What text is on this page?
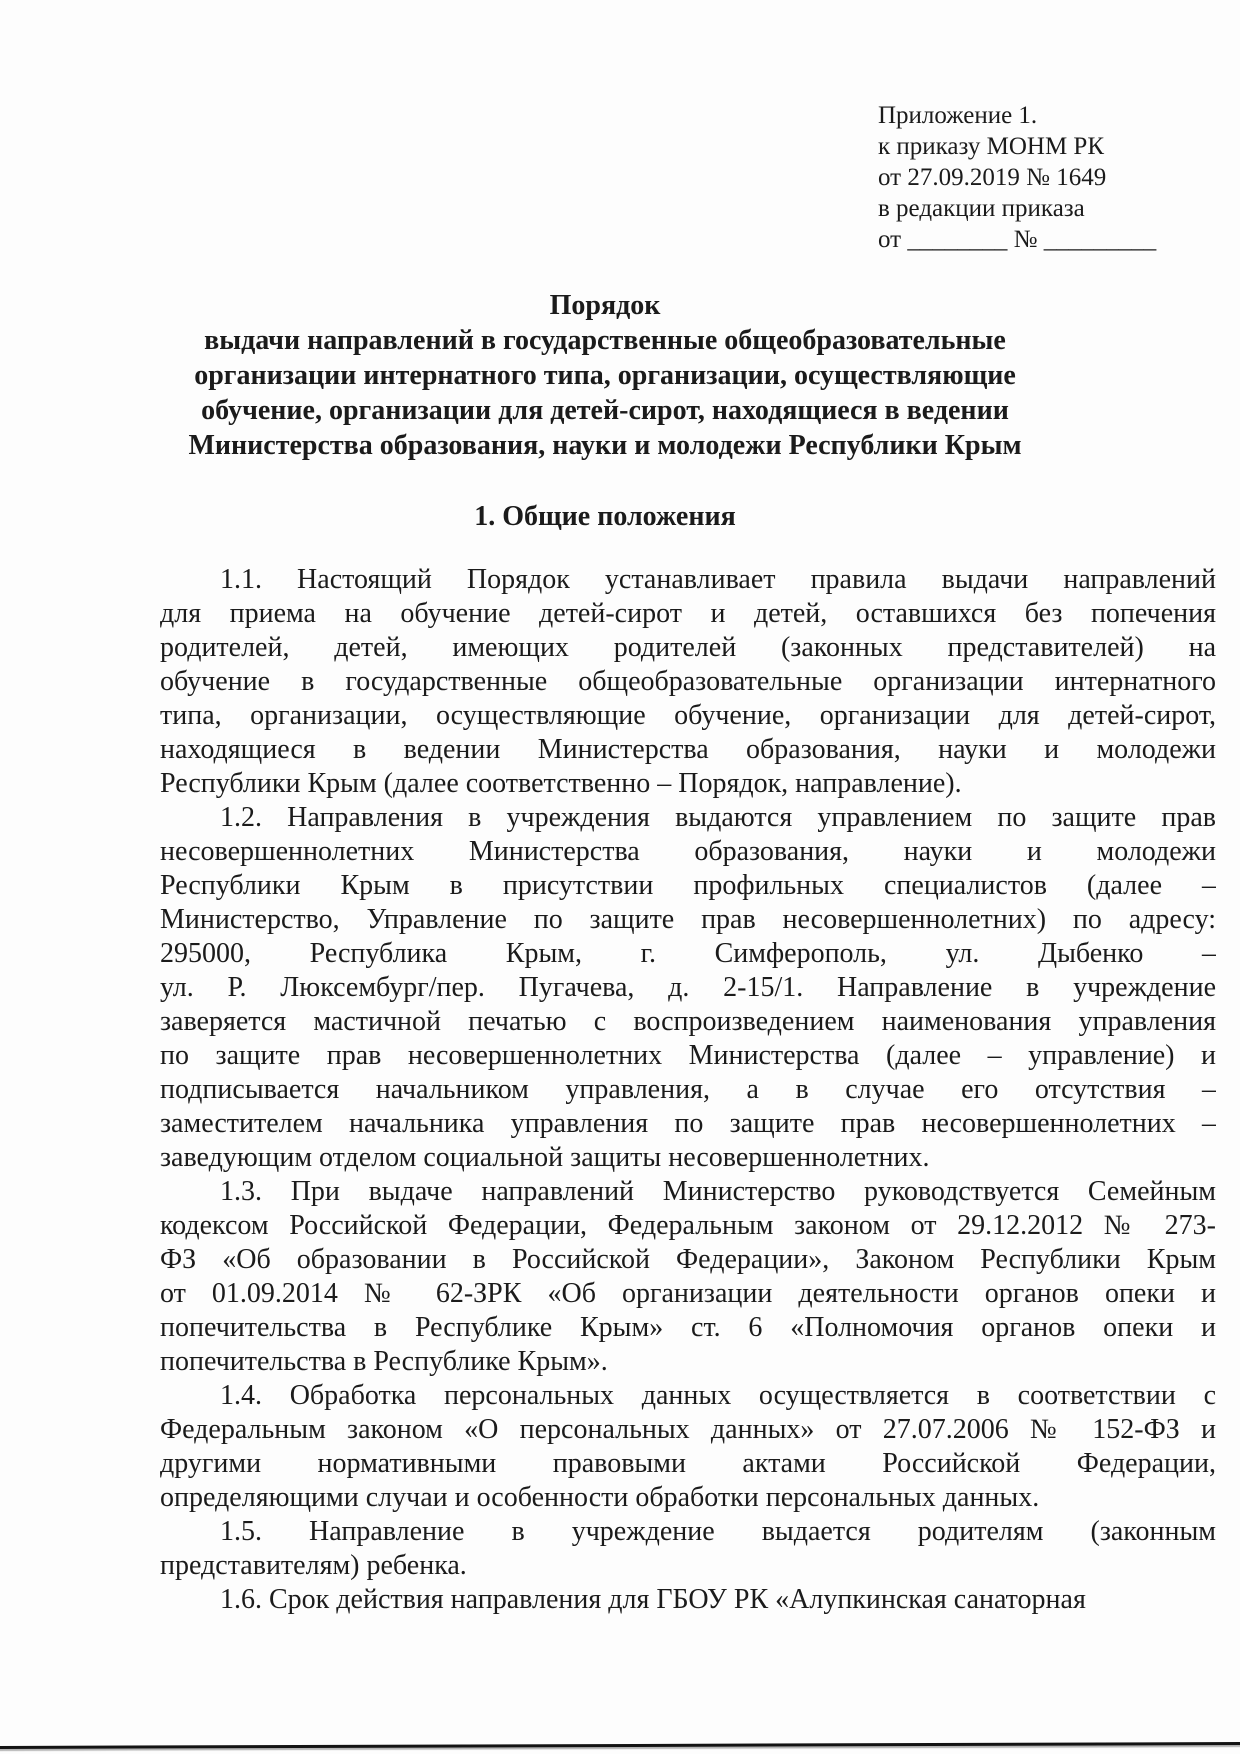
Приложение 1.
к приказу МОНМ РК
от 27.09.2019 № 1649
в редакции приказа
от ________ № _________
Порядок
выдачи направлений в государственные общеобразовательные
организации интернатного типа, организации, осуществляющие
обучение, организации для детей-сирот, находящиеся в ведении
Министерства образования, науки и молодежи Республики Крым
1. Общие положения
1.1. Настоящий Порядок устанавливает правила выдачи направлений
для приема на обучение детей-сирот и детей, оставшихся без попечения
родителей, детей, имеющих родителей (законных представителей) на
обучение в государственные общеобразовательные организации интернатного
типа, организации, осуществляющие обучение, организации для детей-сирот,
находящиеся в ведении Министерства образования, науки и молодежи
Республики Крым (далее соответственно – Порядок, направление).
1.2. Направления в учреждения выдаются управлением по защите прав
несовершеннолетних Министерства образования, науки и молодежи
Республики Крым в присутствии профильных специалистов (далее –
Министерство, Управление по защите прав несовершеннолетних) по адресу:
295000, Республика Крым, г. Симферополь, ул. Дыбенко –
ул. Р. Люксембург/пер. Пугачева, д. 2-15/1. Направление в учреждение
заверяется мастичной печатью с воспроизведением наименования управления
по защите прав несовершеннолетних Министерства (далее – управление) и
подписывается начальником управления, а в случае его отсутствия –
заместителем начальника управления по защите прав несовершеннолетних –
заведующим отделом социальной защиты несовершеннолетних.
1.3. При выдаче направлений Министерство руководствуется Семейным
кодексом Российской Федерации, Федеральным законом от 29.12.2012 № 273-
ФЗ «Об образовании в Российской Федерации», Законом Республики Крым
от 01.09.2014 № 62-ЗРК «Об организации деятельности органов опеки и
попечительства в Республике Крым» ст. 6 «Полномочия органов опеки и
попечительства в Республике Крым».
1.4. Обработка персональных данных осуществляется в соответствии с
Федеральным законом «О персональных данных» от 27.07.2006 № 152-ФЗ и
другими нормативными правовыми актами Российской Федерации,
определяющими случаи и особенности обработки персональных данных.
1.5. Направление в учреждение выдается родителям (законным
представителям) ребенка.
1.6. Срок действия направления для ГБОУ РК «Алупкинская санаторная
